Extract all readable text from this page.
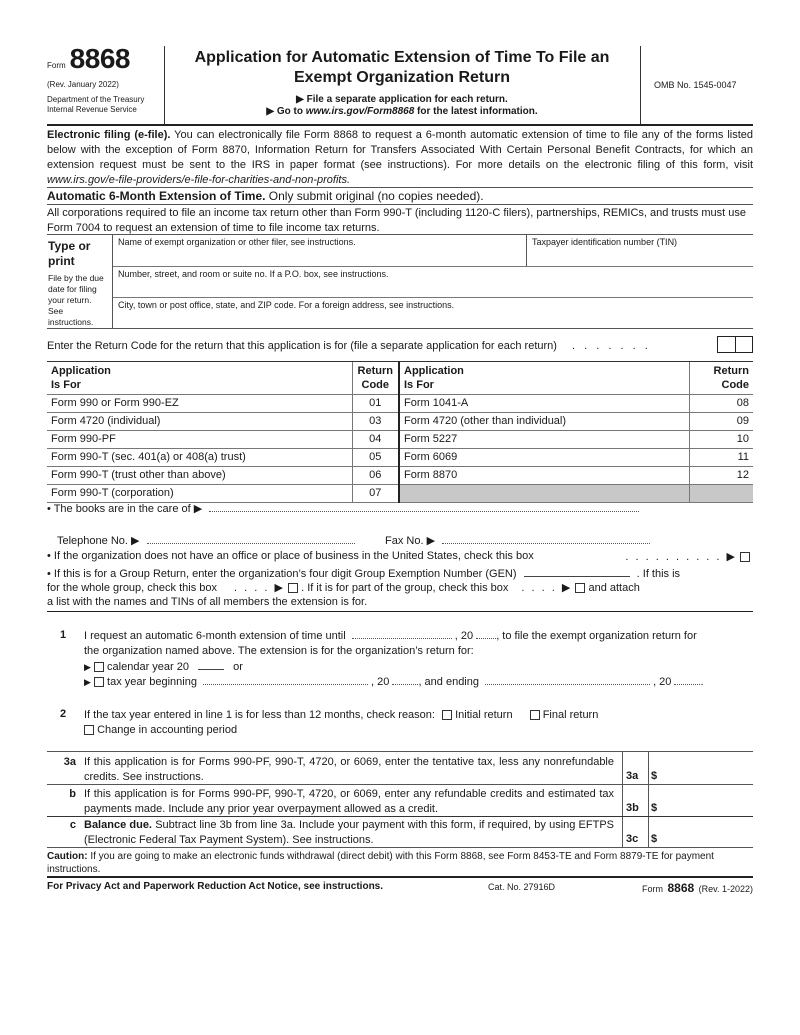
Form 8868
(Rev. January 2022)
Department of the Treasury
Internal Revenue Service
Application for Automatic Extension of Time To File an
Exempt Organization Return
▶ File a separate application for each return.
▶ Go to www.irs.gov/Form8868 for the latest information.
OMB No. 1545-0047
Electronic filing (e-file). You can electronically file Form 8868 to request a 6-month automatic extension of time to file any of the forms listed below with the exception of Form 8870, Information Return for Transfers Associated With Certain Personal Benefit Contracts, for which an extension request must be sent to the IRS in paper format (see instructions). For more details on the electronic filing of this form, visit www.irs.gov/e-file-providers/e-file-for-charities-and-non-profits.
Automatic 6-Month Extension of Time. Only submit original (no copies needed).
All corporations required to file an income tax return other than Form 990-T (including 1120-C filers), partnerships, REMICs, and trusts must use Form 7004 to request an extension of time to file income tax returns.
Type or print
File by the due date for filing your return. See instructions.
Name of exempt organization or other filer, see instructions.	Taxpayer identification number (TIN)
Number, street, and room or suite no. If a P.O. box, see instructions.
City, town or post office, state, and ZIP code. For a foreign address, see instructions.
Enter the Return Code for the return that this application is for (file a separate application for each return) . . . . . . .
Application
Is For	Return
Code	Application
Is For	Return
Code
Form 990 or Form 990-EZ	01	Form 1041-A	08
Form 4720 (individual)	03	Form 4720 (other than individual)	09
Form 990-PF	04	Form 5227	10
Form 990-T (sec. 401(a) or 408(a) trust)	05	Form 6069	11
Form 990-T (trust other than above)	06	Form 8870	12
Form 990-T (corporation)	07		
• The books are in the care of ▶
Telephone No. ▶	Fax No. ▶
• If the organization does not have an office or place of business in the United States, check this box	. . . . . . . . . . ▶
• If this is for a Group Return, enter the organization’s four digit Group Exemption Number (GEN)	. If this is
for the whole group, check this box . . . . ▶ . If it is for part of the group, check this box . . . . ▶ and attach
a list with the names and TINs of all members the extension is for.
1 I request an automatic 6-month extension of time until	, 20 , to file the exempt organization return for
the organization named above. The extension is for the organization’s return for:
▶ calendar year 20	or
▶ tax year beginning	, 20	, and ending	, 20	.
2 If the tax year entered in line 1 is for less than 12 months, check reason: Initial return	Final return
Change in accounting period
3a If this application is for Forms 990-PF, 990-T, 4720, or 6069, enter the tentative tax, less any nonrefundable credits. See instructions.	3a $
b If this application is for Forms 990-PF, 990-T, 4720, or 6069, enter any refundable credits and estimated tax payments made. Include any prior year overpayment allowed as a credit.	3b $
c Balance due. Subtract line 3b from line 3a. Include your payment with this form, if required, by using EFTPS (Electronic Federal Tax Payment System). See instructions.	3c $
Caution: If you are going to make an electronic funds withdrawal (direct debit) with this Form 8868, see Form 8453-TE and Form 8879-TE for payment instructions.
For Privacy Act and Paperwork Reduction Act Notice, see instructions.	Cat. No. 27916D	Form 8868 (Rev. 1-2022)
